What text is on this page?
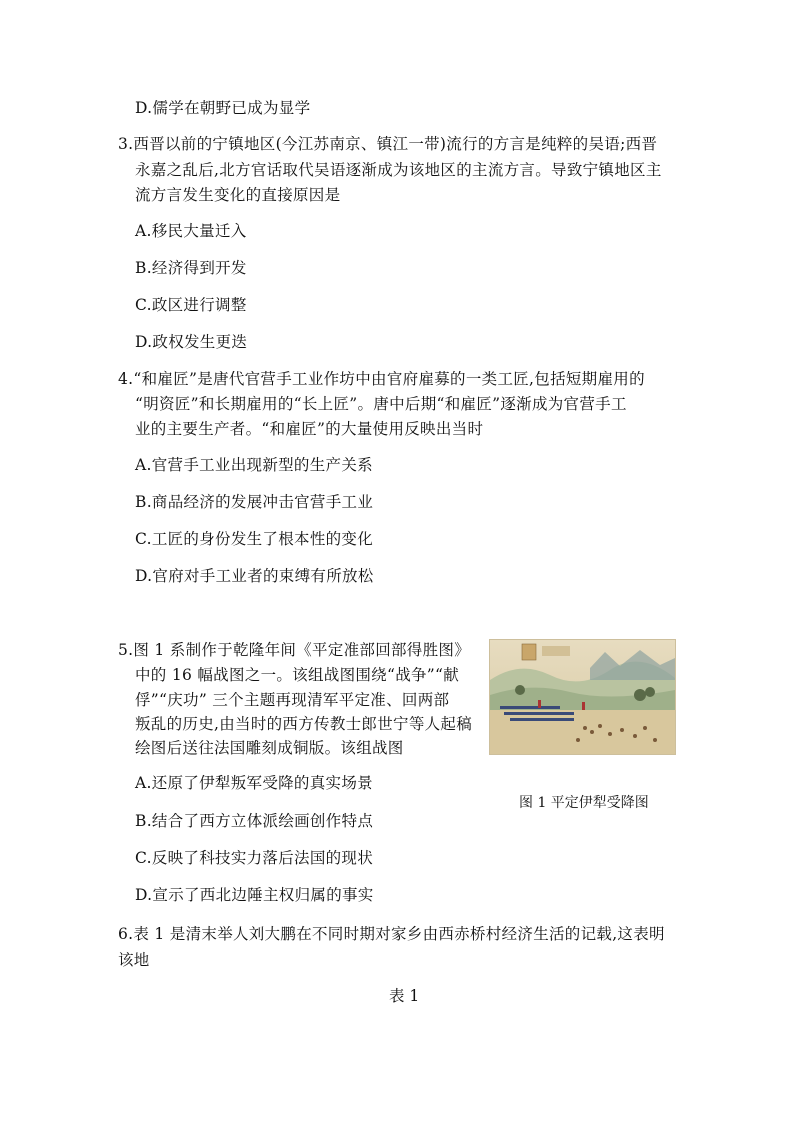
D.儒学在朝野已成为显学
3.西晋以前的宁镇地区(今江苏南京、镇江一带)流行的方言是纯粹的吴语;西晋
永嘉之乱后,北方官话取代吴语逐渐成为该地区的主流方言。导致宁镇地区主
流方言发生变化的直接原因是
A.移民大量迁入
B.经济得到开发
C.政区进行调整
D.政权发生更迭
4.“和雇匠”是唐代官营手工业作坊中由官府雇募的一类工匠,包括短期雇用的
“明资匠”和长期雇用的“长上匠”。唐中后期“和雇匠”逐渐成为官营手工
业的主要生产者。“和雇匠”的大量使用反映出当时
A.官营手工业出现新型的生产关系
B.商品经济的发展冲击官营手工业
C.工匠的身份发生了根本性的变化
D.官府对手工业者的束缚有所放松
5.图 1 系制作于乾隆年间《平定准部回部得胜图》
中的 16 幅战图之一。该组战图围绕“战争”“献
俘”“庆功” 三个主题再现清军平定准、回两部
叛乱的历史,由当时的西方传教士郎世宁等人起稿
绘图后送往法国雕刻成铜版。该组战图
A.还原了伊犁叛军受降的真实场景
B.结合了西方立体派绘画创作特点
C.反映了科技实力落后法国的现状
D.宣示了西北边陲主权归属的事实
图 1 平定伊犁受降图
6.表 1 是清末举人刘大鹏在不同时期对家乡由西赤桥村经济生活的记载,这表明
该地
表 1
